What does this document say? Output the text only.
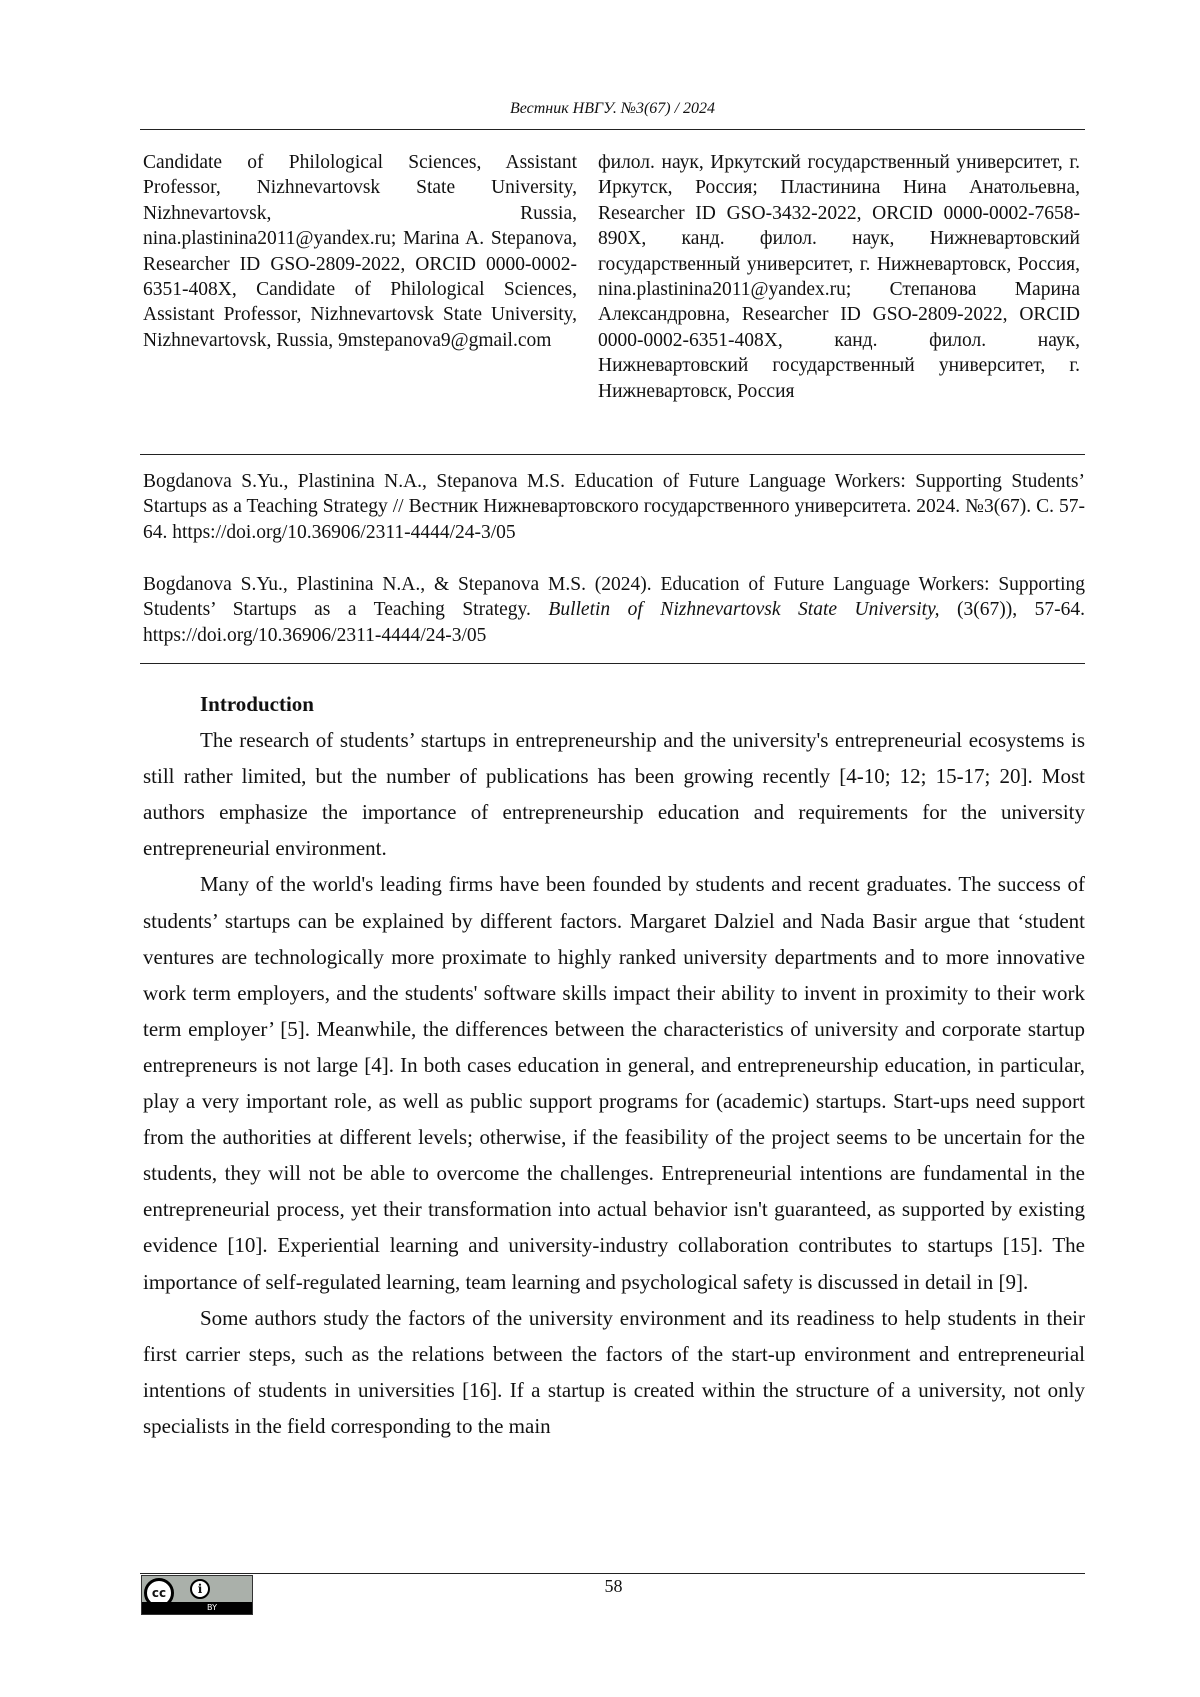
Вестник НВГУ. №3(67) / 2024
Candidate of Philological Sciences, Assistant Professor, Nizhnevartovsk State University, Nizhnevartovsk, Russia, nina.plastinina2011@yandex.ru; Marina A. Stepanova, Researcher ID GSO-2809-2022, ORCID 0000-0002-6351-408X, Candidate of Philological Sciences, Assistant Professor, Nizhnevartovsk State University, Nizhnevartovsk, Russia, 9mstepanova9@gmail.com
филол. наук, Иркутский государственный университет, г. Иркутск, Россия; Пластинина Нина Анатольевна, Researcher ID GSO-3432-2022, ORCID 0000-0002-7658-890X, канд. филол. наук, Нижневартовский государственный университет, г. Нижневартовск, Россия, nina.plastinina2011@yandex.ru; Степанова Марина Александровна, Researcher ID GSO-2809-2022, ORCID 0000-0002-6351-408X, канд. филол. наук, Нижневартовский государственный университет, г. Нижневартовск, Россия
Bogdanova S.Yu., Plastinina N.A., Stepanova M.S. Education of Future Language Workers: Supporting Students’ Startups as a Teaching Strategy // Вестник Нижневартовского государственного университета. 2024. №3(67). С. 57-64. https://doi.org/10.36906/2311-4444/24-3/05
Bogdanova S.Yu., Plastinina N.A., & Stepanova M.S. (2024). Education of Future Language Workers: Supporting Students’ Startups as a Teaching Strategy. Bulletin of Nizhnevartovsk State University, (3(67)), 57-64. https://doi.org/10.36906/2311-4444/24-3/05
Introduction

The research of students’ startups in entrepreneurship and the university's entrepreneurial ecosystems is still rather limited, but the number of publications has been growing recently [4-10; 12; 15-17; 20]. Most authors emphasize the importance of entrepreneurship education and requirements for the university entrepreneurial environment.

Many of the world's leading firms have been founded by students and recent graduates. The success of students’ startups can be explained by different factors. Margaret Dalziel and Nada Basir argue that ‘student ventures are technologically more proximate to highly ranked university departments and to more innovative work term employers, and the students' software skills impact their ability to invent in proximity to their work term employer’ [5]. Meanwhile, the differences between the characteristics of university and corporate startup entrepreneurs is not large [4]. In both cases education in general, and entrepreneurship education, in particular, play a very important role, as well as public support programs for (academic) startups. Start-ups need support from the authorities at different levels; otherwise, if the feasibility of the project seems to be uncertain for the students, they will not be able to overcome the challenges. Entrepreneurial intentions are fundamental in the entrepreneurial process, yet their transformation into actual behavior isn't guaranteed, as supported by existing evidence [10]. Experiential learning and university-industry collaboration contributes to startups [15]. The importance of self-regulated learning, team learning and psychological safety is discussed in detail in [9].

Some authors study the factors of the university environment and its readiness to help students in their first carrier steps, such as the relations between the factors of the start-up environment and entrepreneurial intentions of students in universities [16]. If a startup is created within the structure of a university, not only specialists in the field corresponding to the main

cc	i
BY
58
